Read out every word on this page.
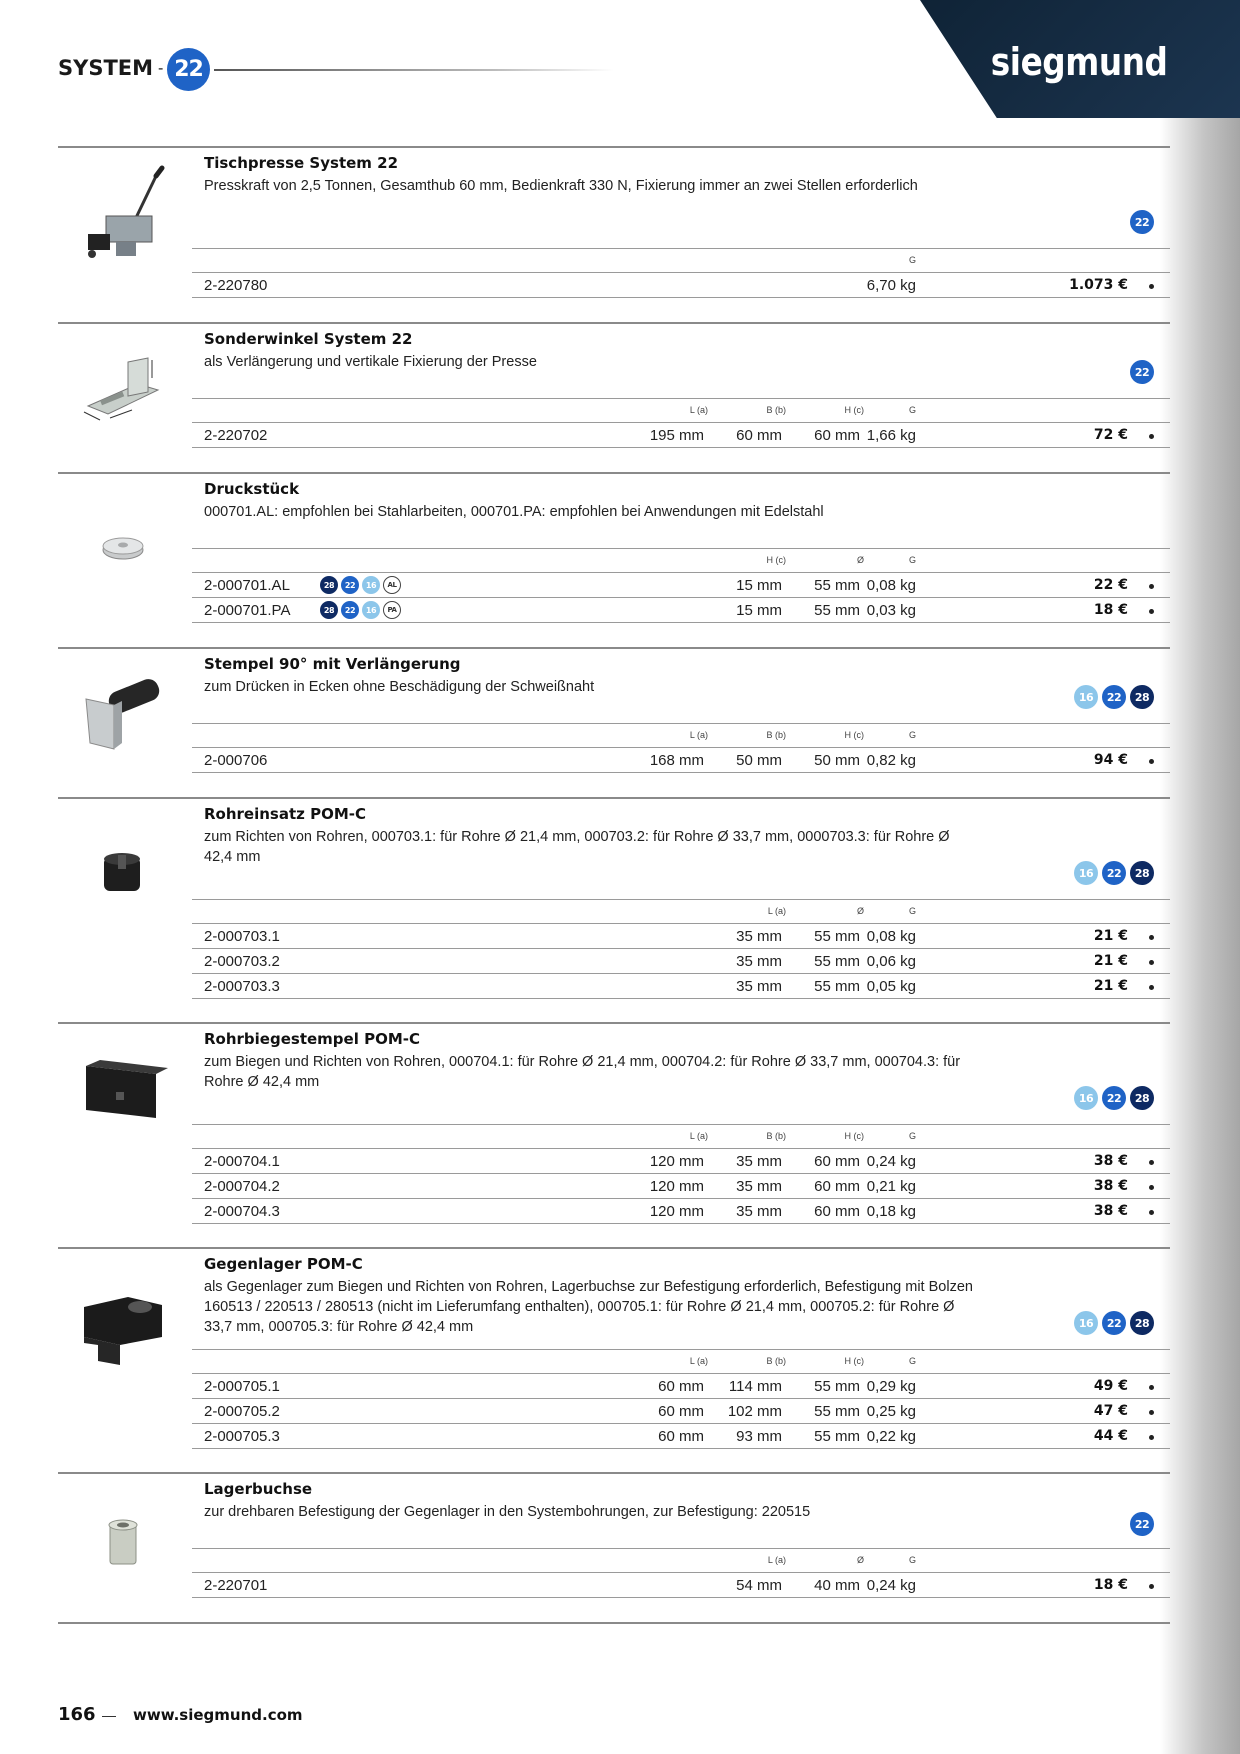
siegmund
SYSTEM - 22
Tischpresse System 22
Presskraft von 2,5 Tonnen, Gesamthub 60 mm, Bedienkraft 330 N, Fixierung immer an zwei Stellen erforderlich
22
G
2-220780	6,70 kg	1.073 €
Sonderwinkel System 22
als Verlängerung und vertikale Fixierung der Presse
22
L (a)	B (b)	H (c)	G
2-220702	195 mm	60 mm	60 mm 1,66 kg	72 €
Druckstück
000701.AL: empfohlen bei Stahlarbeiten, 000701.PA: empfohlen bei Anwendungen mit Edelstahl
H (c)	Ø	G
2-000701.AL	28	22	16	AL	15 mm	55 mm 0,08 kg	22 €
2-000701.PA	28	22	16	PA	15 mm	55 mm 0,03 kg	18 €
Stempel 90° mit Verlängerung
zum Drücken in Ecken ohne Beschädigung der Schweißnaht
16	22	28
L (a)	B (b)	H (c)	G
2-000706	168 mm	50 mm	50 mm 0,82 kg	94 €
Rohreinsatz POM-C
zum Richten von Rohren, 000703.1: für Rohre Ø 21,4 mm, 000703.2: für Rohre Ø 33,7 mm, 0000703.3: für Rohre Ø 42,4 mm
16	22	28
L (a)	Ø	G
2-000703.1	35 mm	55 mm 0,08 kg	21 €
2-000703.2	35 mm	55 mm 0,06 kg	21 €
2-000703.3	35 mm	55 mm 0,05 kg	21 €
Rohrbiegestempel POM-C
zum Biegen und Richten von Rohren, 000704.1: für Rohre Ø 21,4 mm, 000704.2: für Rohre Ø 33,7 mm, 000704.3: für Rohre Ø 42,4 mm
16	22	28
L (a)	B (b)	H (c)	G
2-000704.1	120 mm	35 mm	60 mm 0,24 kg	38 €
2-000704.2	120 mm	35 mm	60 mm 0,21 kg	38 €
2-000704.3	120 mm	35 mm	60 mm 0,18 kg	38 €
Gegenlager POM-C
als Gegenlager zum Biegen und Richten von Rohren, Lagerbuchse zur Befestigung erforderlich, Befestigung mit Bolzen 160513 / 220513 / 280513 (nicht im Lieferumfang enthalten), 000705.1: für Rohre Ø 21,4 mm, 000705.2: für Rohre Ø 33,7 mm, 000705.3: für Rohre Ø 42,4 mm	16	22	28
L (a)	B (b)	H (c)	G
2-000705.1	60 mm	114 mm	55 mm 0,29 kg	49 €
2-000705.2	60 mm	102 mm	55 mm 0,25 kg	47 €
2-000705.3	60 mm	93 mm	55 mm 0,22 kg	44 €
Lagerbuchse
zur drehbaren Befestigung der Gegenlager in den Systembohrungen, zur Befestigung: 220515
22
L (a)	Ø	G
2-220701	54 mm	40 mm 0,24 kg	18 €
166 www.siegmund.com
